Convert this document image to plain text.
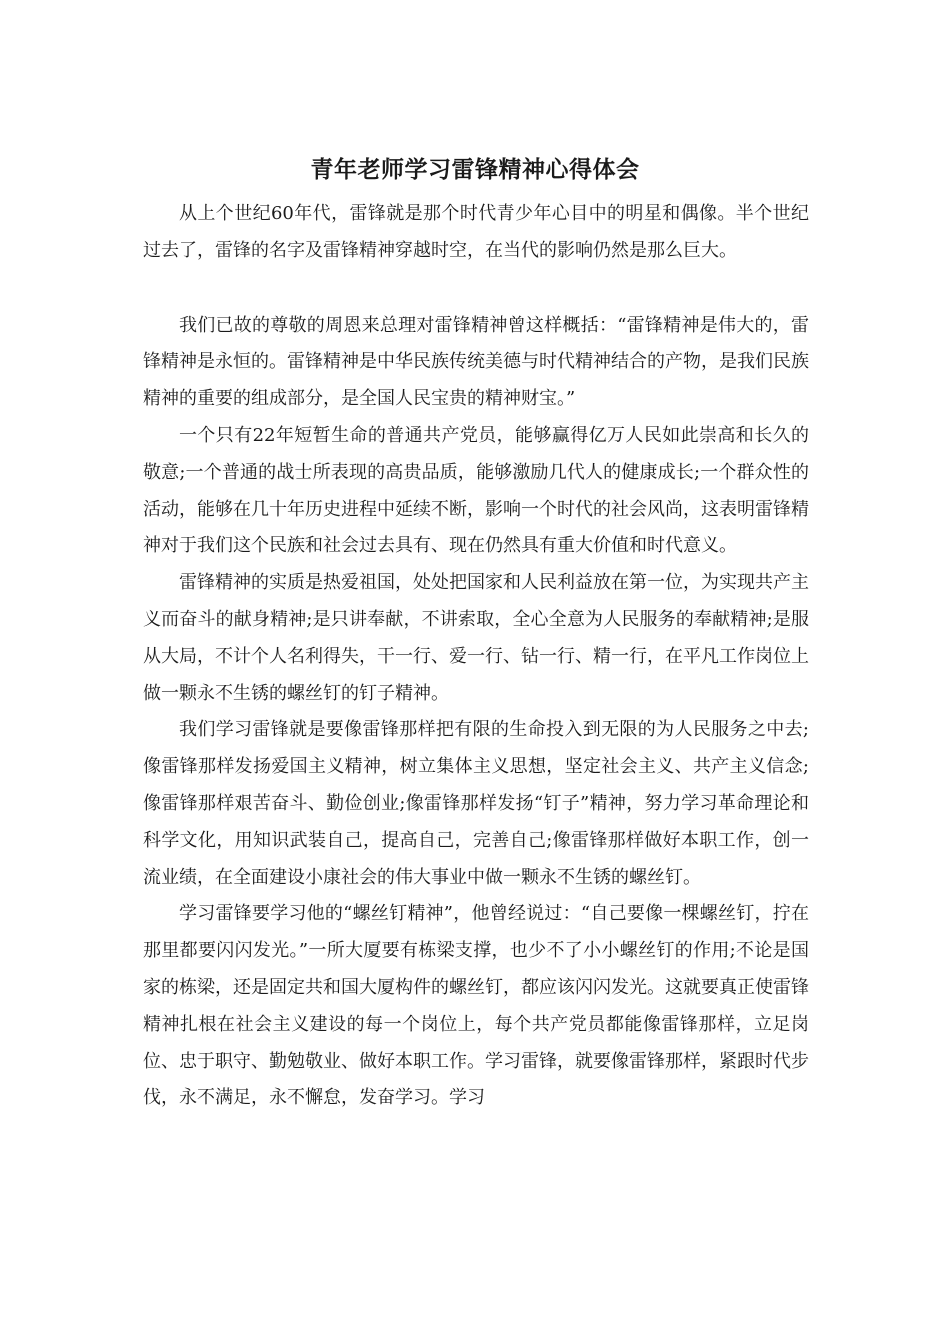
青年老师学习雷锋精神心得体会

从上个世纪60年代，雷锋就是那个时代青少年心目中的明星和偶像。半个世纪过去了，雷锋的名字及雷锋精神穿越时空，在当代的影响仍然是那么巨大。

我们已故的尊敬的周恩来总理对雷锋精神曾这样概括：“雷锋精神是伟大的，雷锋精神是永恒的。雷锋精神是中华民族传统美德与时代精神结合的产物，是我们民族精神的重要的组成部分，是全国人民宝贵的精神财宝。”

一个只有22年短暂生命的普通共产党员，能够赢得亿万人民如此崇高和长久的敬意;一个普通的战士所表现的高贵品质，能够激励几代人的健康成长;一个群众性的活动，能够在几十年历史进程中延续不断，影响一个时代的社会风尚，这表明雷锋精神对于我们这个民族和社会过去具有、现在仍然具有重大价值和时代意义。

雷锋精神的实质是热爱祖国，处处把国家和人民利益放在第一位，为实现共产主义而奋斗的献身精神;是只讲奉献，不讲索取，全心全意为人民服务的奉献精神;是服从大局，不计个人名利得失，干一行、爱一行、钻一行、精一行，在平凡工作岗位上做一颗永不生锈的螺丝钉的钉子精神。

我们学习雷锋就是要像雷锋那样把有限的生命投入到无限的为人民服务之中去;像雷锋那样发扬爱国主义精神，树立集体主义思想，坚定社会主义、共产主义信念;像雷锋那样艰苦奋斗、勤俭创业;像雷锋那样发扬“钉子”精神，努力学习革命理论和科学文化，用知识武装自己，提高自己，完善自己;像雷锋那样做好本职工作，创一流业绩，在全面建设小康社会的伟大事业中做一颗永不生锈的螺丝钉。

学习雷锋要学习他的“螺丝钉精神”，他曾经说过：“自己要像一棵螺丝钉，拧在那里都要闪闪发光。”一所大厦要有栋梁支撑，也少不了小小螺丝钉的作用;不论是国家的栋梁，还是固定共和国大厦构件的螺丝钉，都应该闪闪发光。这就要真正使雷锋精神扎根在社会主义建设的每一个岗位上，每个共产党员都能像雷锋那样，立足岗位、忠于职守、勤勉敬业、做好本职工作。学习雷锋，就要像雷锋那样，紧跟时代步伐，永不满足，永不懈怠，发奋学习。学习
